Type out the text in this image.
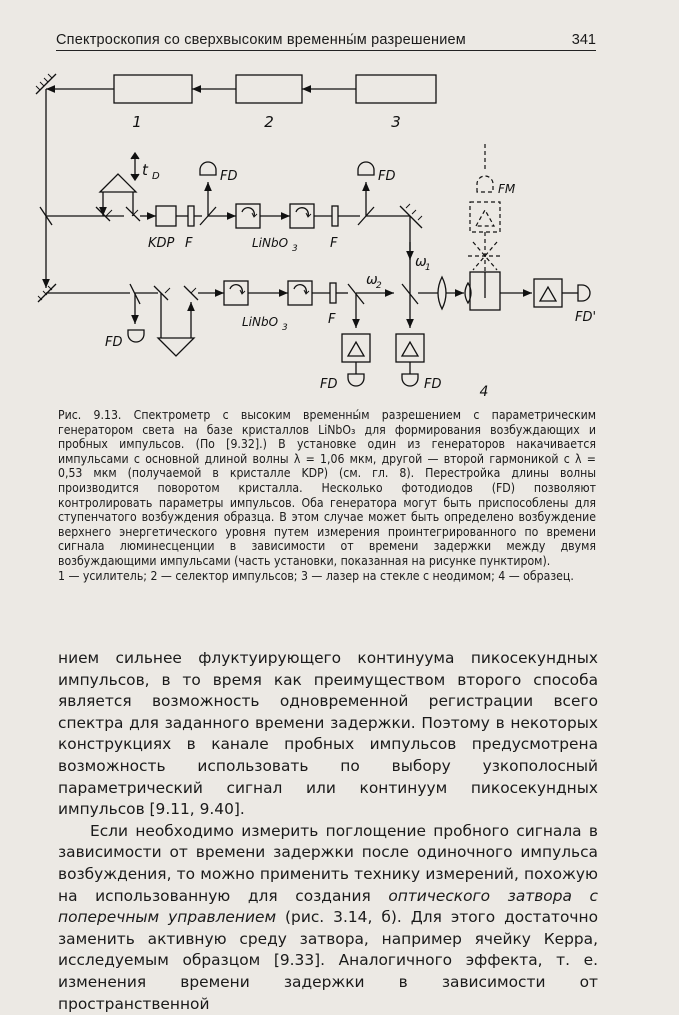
Спектроскопия со сверхвысоким временны́м разрешением	341
1	2	3
4
t D	FD	FD
FD
FD	FD
FD'
FM
KDP F	F
F
LiNbO 3
LiNbO 3
ω
1
ω
2

Рис. 9.13. Спектрометр с высоким временны́м разрешением с параметрическим генератором света на базе кристаллов LiNbO₃ для формирования возбуждающих и пробных импульсов. (По [9.32].) В установке один из генераторов накачивается импульсами с основной длиной волны λ = 1,06 мкм, другой — второй гармоникой с λ = 0,53 мкм (получаемой в кристалле KDP) (см. гл. 8). Перестройка длины волны производится поворотом кристалла. Несколько фотодиодов (FD) позволяют контролировать параметры импульсов. Оба генератора могут быть приспособлены для ступенчатого возбуждения образца. В этом случае может быть определено возбуждение верхнего энергетического уровня путем измерения проинтегрированного по времени сигнала люминесценции в зависимости от времени задержки между двумя возбуждающими импульсами (часть установки, показанная на рисунке пунктиром).

1 — усилитель; 2 — селектор импульсов; 3 — лазер на стекле с неодимом; 4 — образец.

нием сильнее флуктуирующего континуума пикосекундных импульсов, в то время как преимуществом второго способа является возможность одновременной регистрации всего спектра для заданного времени задержки. Поэтому в некоторых конструкциях в канале пробных импульсов предусмотрена возможность использовать по выбору узкополосный параметрический сигнал или континуум пикосекундных импульсов [9.11, 9.40].

Если необходимо измерить поглощение пробного сигнала в зависимости от времени задержки после одиночного импульса возбуждения, то можно применить технику измерений, похожую на использованную для создания оптического затвора с поперечным управлением (рис. 3.14, б). Для этого достаточно заменить активную среду затвора, например ячейку Керра, исследуемым образцом [9.33]. Аналогичного эффекта, т. е. изменения времени задержки в зависимости от пространственной
